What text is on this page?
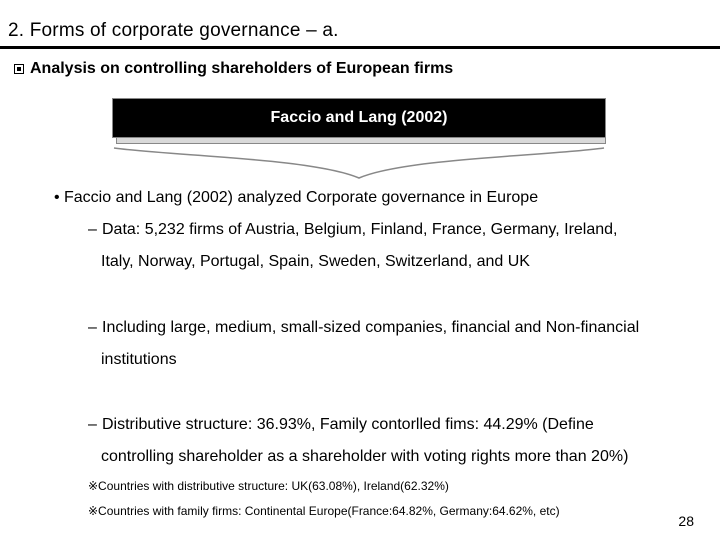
2. Forms of corporate governance – a.
Analysis on controlling shareholders of European firms
Faccio and Lang (2002)
• Faccio and Lang (2002) analyzed Corporate governance in Europe
– Data: 5,232 firms of Austria, Belgium, Finland, France, Germany, Ireland,
Italy, Norway, Portugal, Spain, Sweden, Switzerland, and UK
– Including large, medium, small-sized companies, financial and Non-financial
institutions
– Distributive structure: 36.93%, Family contorlled fims: 44.29% (Define
controlling shareholder as a shareholder with voting rights more than 20%)
※Countries with distributive structure: UK(63.08%), Ireland(62.32%)
※Countries with family firms: Continental Europe(France:64.82%, Germany:64.62%, etc)
28
